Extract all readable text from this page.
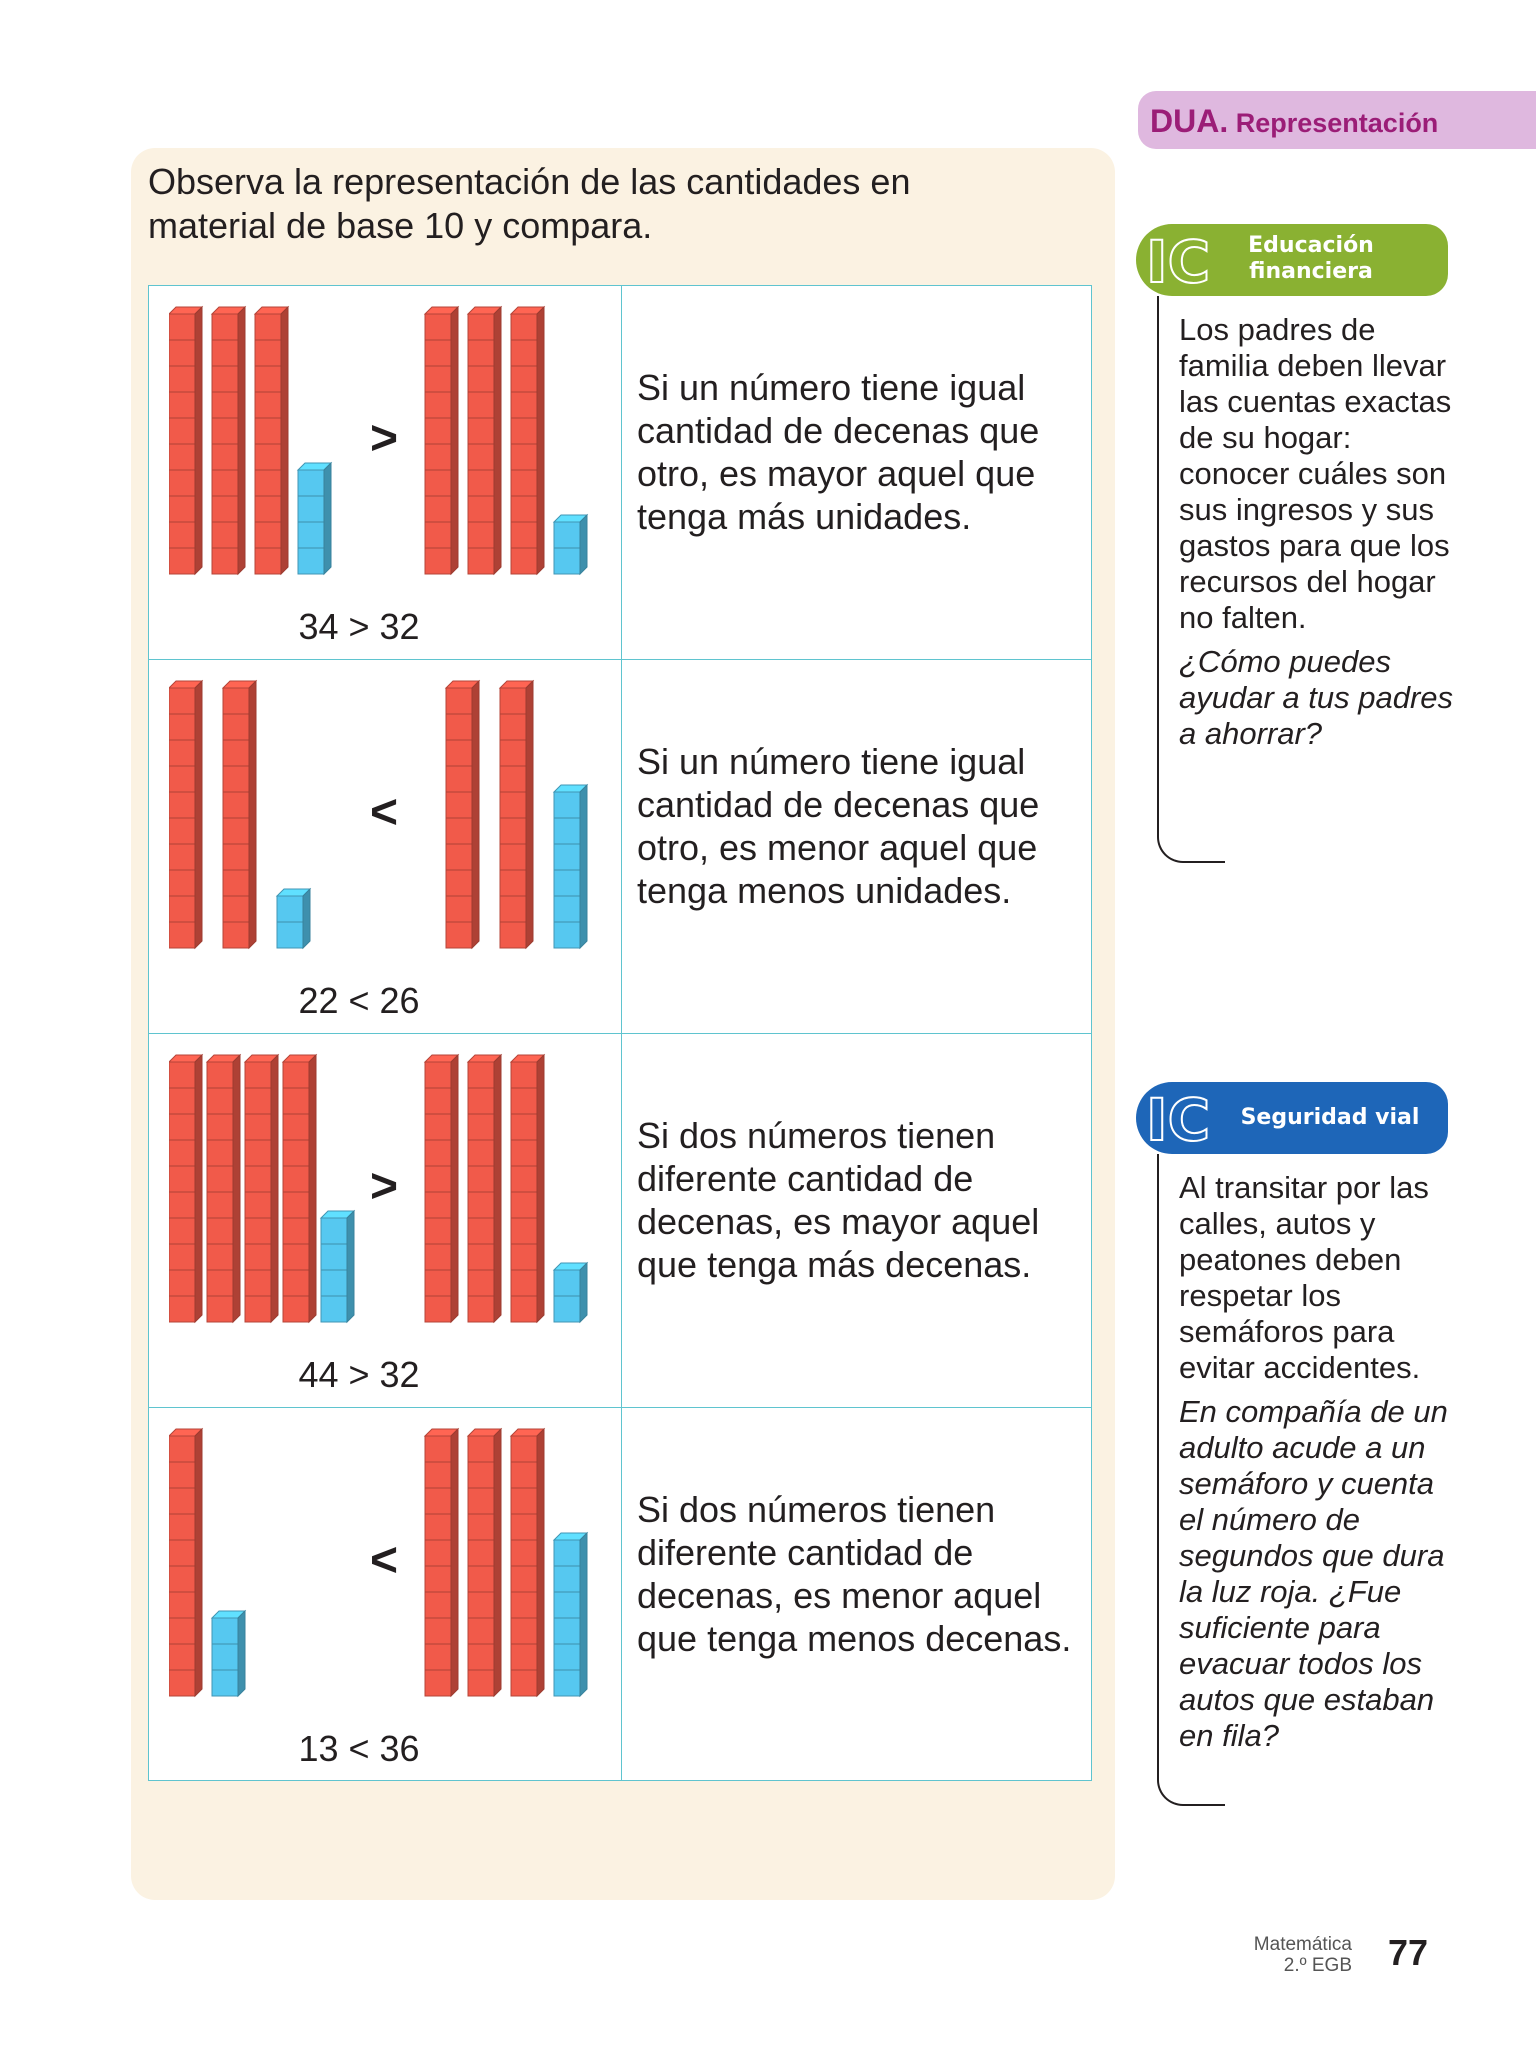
DUA. Representación
Observa la representación de las cantidades en material de base 10 y compara.
>
34 > 32
Si un número tiene igual cantidad de decenas que otro, es mayor aquel que tenga más unidades.
<
22 < 26
Si un número tiene igual cantidad de decenas que otro, es menor aquel que tenga menos unidades.
>
44 > 32
Si dos números tienen diferente cantidad de decenas, es mayor aquel que tenga más decenas.
<
13 < 36
Si dos números tienen diferente cantidad de decenas, es menor aquel que tenga menos decenas.
IC	Educación financiera
Los padres de familia deben llevar las cuentas exactas de su hogar: conocer cuáles son sus ingresos y sus gastos para que los recursos del hogar no falten.
¿Cómo puedes ayudar a tus padres a ahorrar?
IC	Seguridad vial
Al transitar por las calles, autos y peatones deben respetar los semáforos para evitar accidentes.
En compañía de un adulto acude a un semáforo y cuenta el número de segundos que dura la luz roja. ¿Fue suficiente para evacuar todos los autos que estaban en fila?
Matemática
2.º EGB 77
